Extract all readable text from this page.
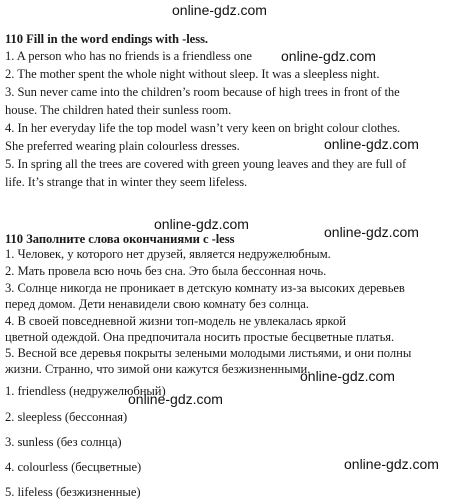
online-gdz.com
online-gdz.com
online-gdz.com
online-gdz.com	online-gdz.com
online-gdz.com
online-gdz.com
online-gdz.com
110 Fill in the word endings with -less.
1. A person who has no friends is a friendless one
2. The mother spent the whole night without sleep. It was a sleepless night.
3. Sun never came into the children’s room because of high trees in front of the
house. The children hated their sunless room.
4. In her everyday life the top model wasn’t very keen on bright colour clothes.
She preferred wearing plain colourless dresses.
5. In spring all the trees are covered with green young leaves and they are full of
life. It’s strange that in winter they seem lifeless.
110 Заполните слова окончаниями с -less
1. Человек, у которого нет друзей, является недружелюбным.
2. Мать провела всю ночь без сна. Это была бессонная ночь.
3. Солнце никогда не проникает в детскую комнату из-за высоких деревьев
перед домом. Дети ненавидели свою комнату без солнца.
4. В своей повседневной жизни топ-модель не увлекалась яркой
цветной одеждой. Она предпочитала носить простые бесцветные платья.
5. Весной все деревья покрыты зелеными молодыми листьями, и они полны
жизни. Странно, что зимой они кажутся безжизненными.
1. friendless (недружелюбный)
2. sleepless (бессонная)
3. sunless (без солнца)
4. colourless (бесцветные)
5. lifeless (безжизненные)
